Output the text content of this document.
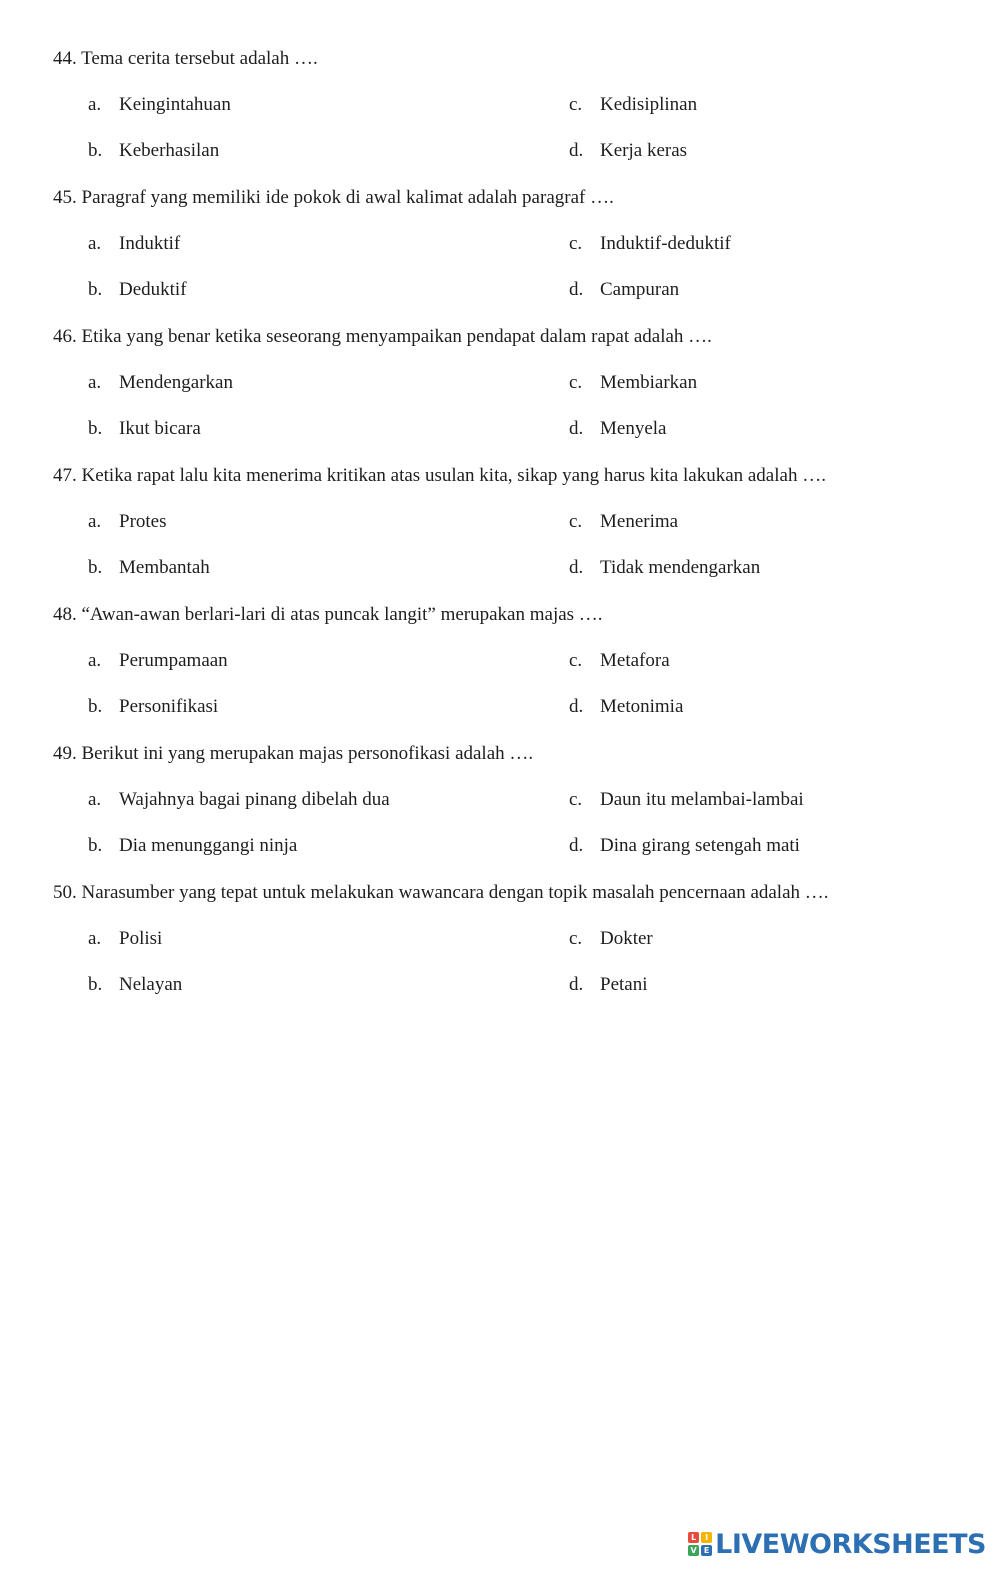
44. Tema cerita tersebut adalah ….
a. Keingintahuan
b. Keberhasilan
c. Kedisiplinan
d. Kerja keras
45. Paragraf yang memiliki ide pokok di awal kalimat adalah paragraf ….
a. Induktif
b. Deduktif
c. Induktif-deduktif
d. Campuran
46. Etika yang benar ketika seseorang menyampaikan pendapat dalam rapat adalah ….
a. Mendengarkan
b. Ikut bicara
c. Membiarkan
d. Menyela
47. Ketika rapat lalu kita menerima kritikan atas usulan kita, sikap yang harus kita lakukan adalah ….
a. Protes
b. Membantah
c. Menerima
d. Tidak mendengarkan
48. “Awan-awan berlari-lari di atas puncak langit” merupakan majas ….
a. Perumpamaan
b. Personifikasi
c. Metafora
d. Metonimia
49. Berikut ini yang merupakan majas personofikasi adalah ….
a. Wajahnya bagai pinang dibelah dua
b. Dia menunggangi ninja
c. Daun itu melambai-lambai
d. Dina girang setengah mati
50. Narasumber yang tepat untuk melakukan wawancara dengan topik masalah pencernaan adalah ….
a. Polisi
b. Nelayan
c. Dokter
d. Petani
L	I
V E LIVEWORKSHEETS
